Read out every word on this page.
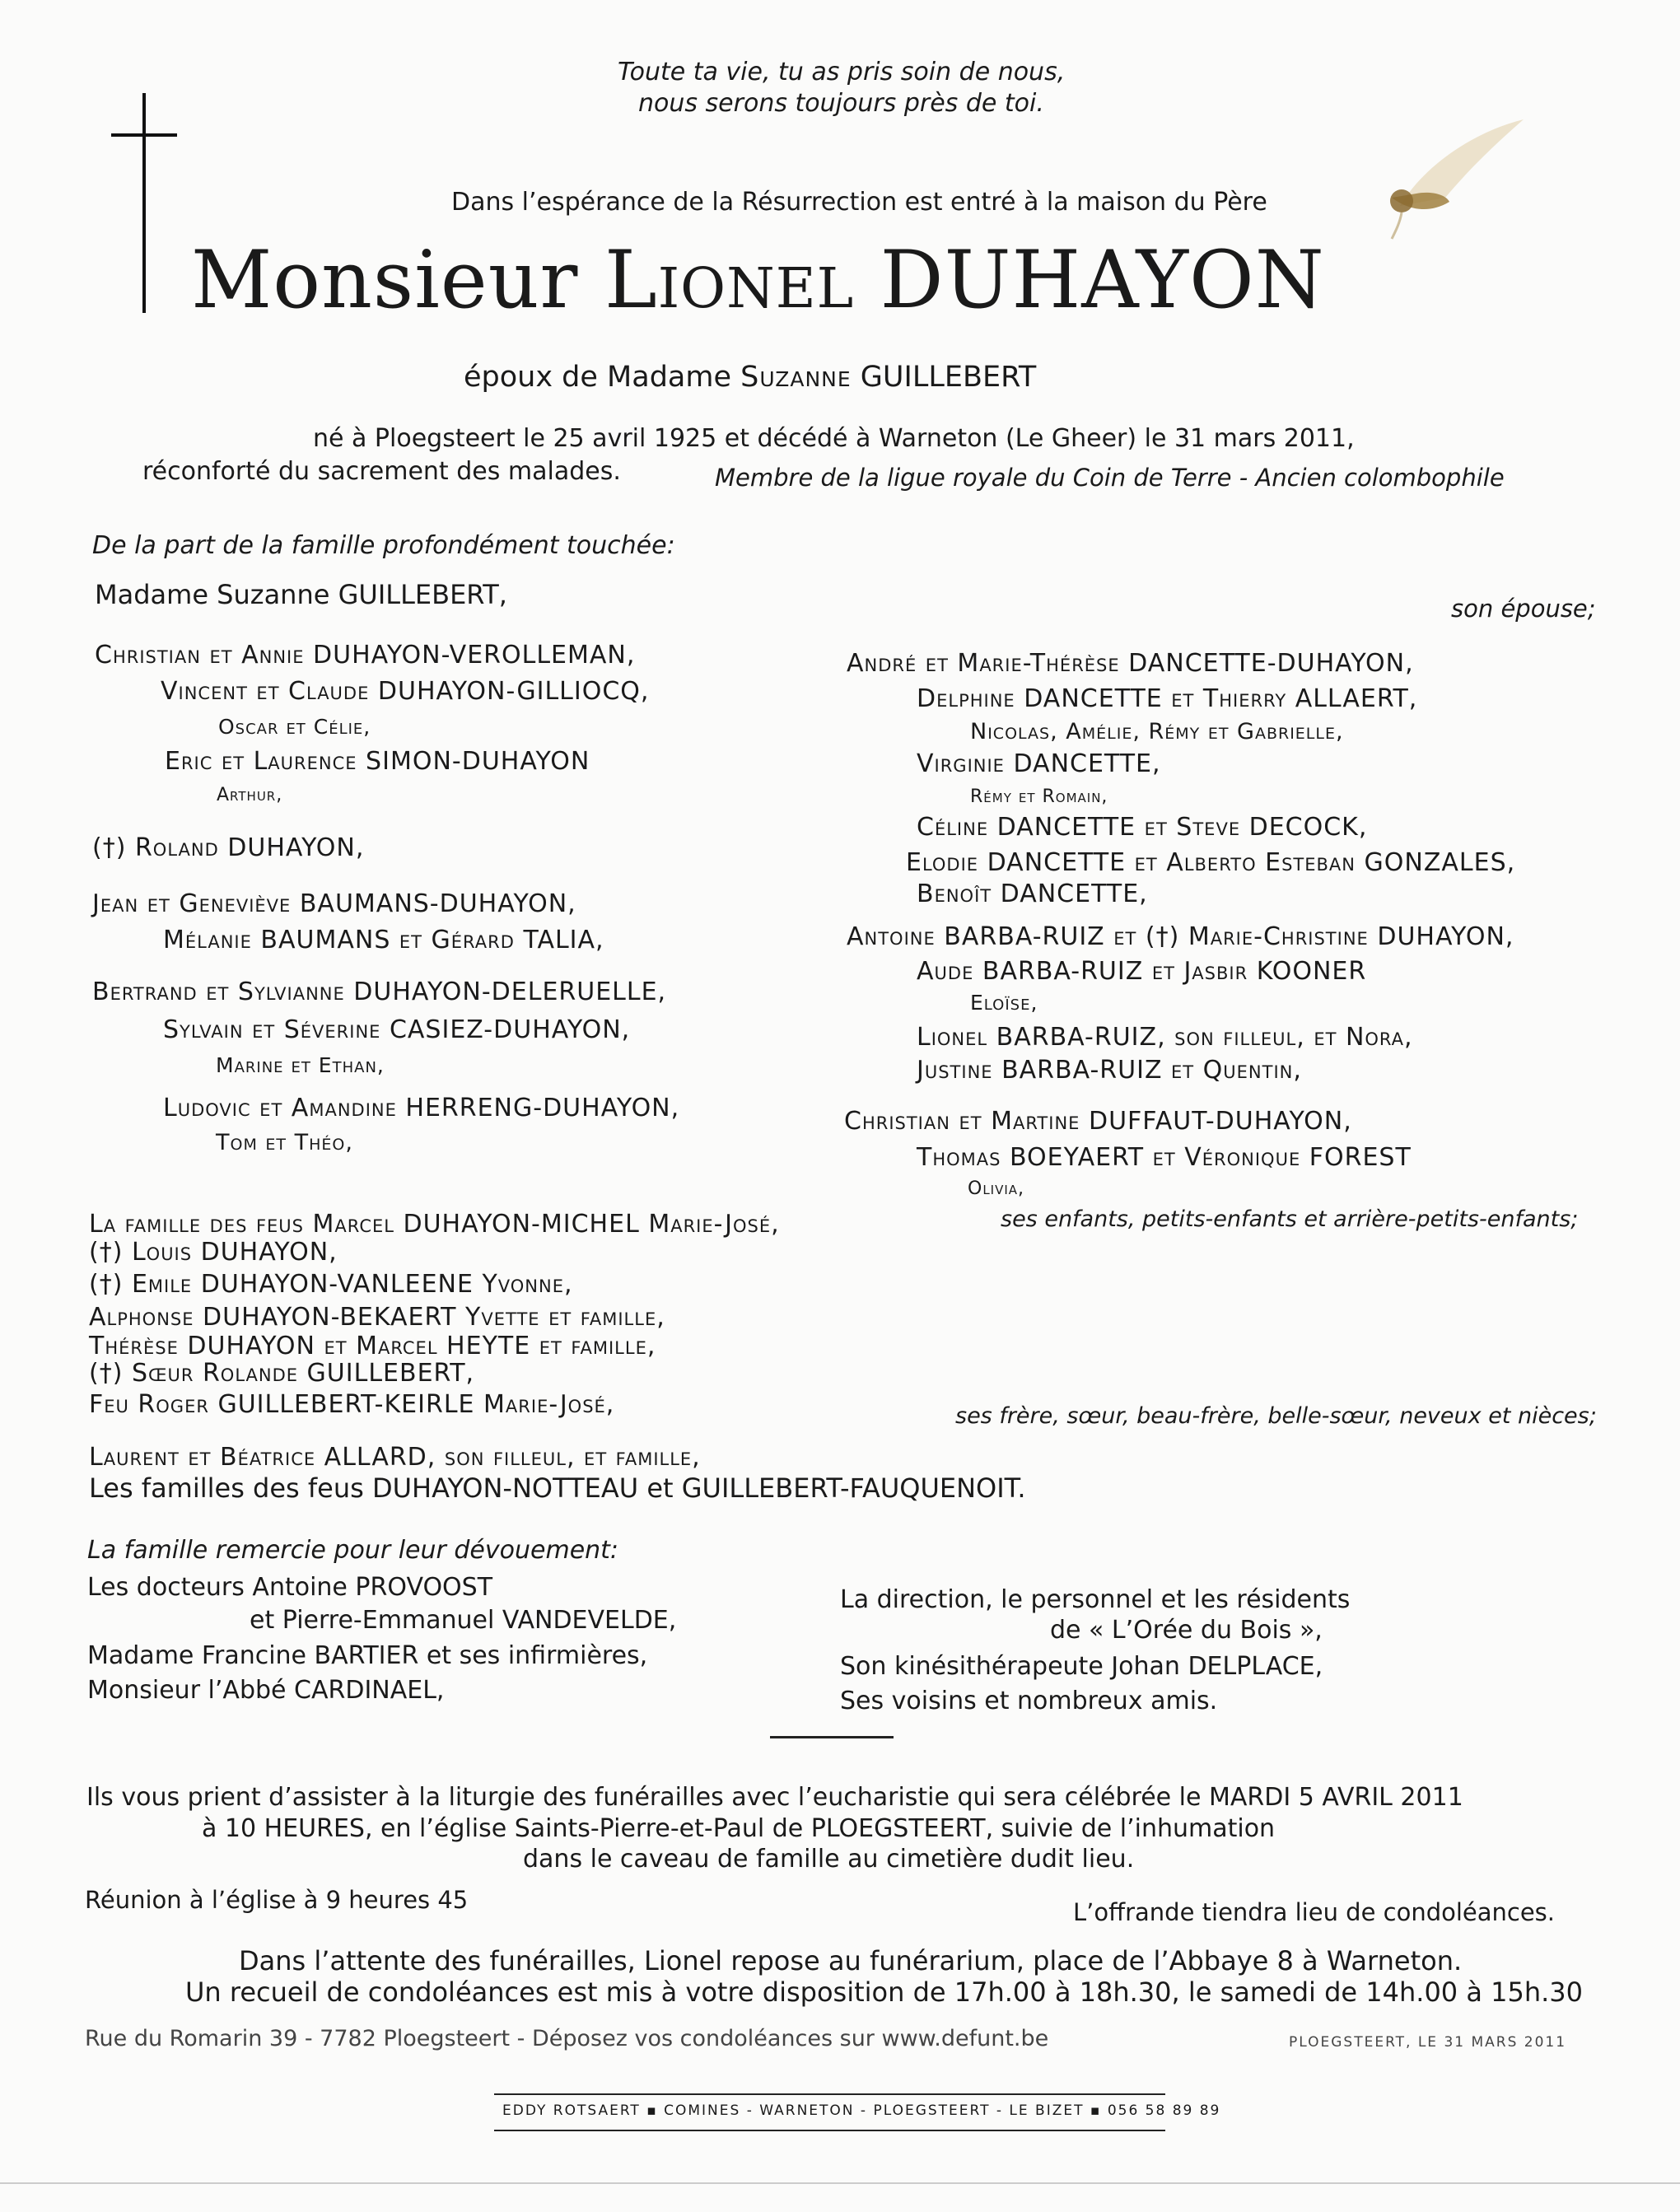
Toute ta vie, tu as pris soin de nous,
nous serons toujours près de toi.
Dans l’espérance de la Résurrection est entré à la maison du Père
Monsieur Lionel DUHAYON
époux de Madame Suzanne GUILLEBERT
né à Ploegsteert le 25 avril 1925 et décédé à Warneton (Le Gheer) le 31 mars 2011,
réconforté du sacrement des malades.	Membre de la ligue royale du Coin de Terre - Ancien colombophile
De la part de la famille profondément touchée:
Madame Suzanne GUILLEBERT,	son épouse;
Christian et Annie DUHAYON-VEROLLEMAN,
Vincent et Claude DUHAYON-GILLIOCQ,
Oscar et Célie,
Eric et Laurence SIMON-DUHAYON
Arthur,
(†) Roland DUHAYON,
Jean et Geneviève BAUMANS-DUHAYON,
Mélanie BAUMANS et Gérard TALIA,
Bertrand et Sylvianne DUHAYON-DELERUELLE,
Sylvain et Séverine CASIEZ-DUHAYON,
Marine et Ethan,
Ludovic et Amandine HERRENG-DUHAYON,
Tom et Théo,
André et Marie-Thérèse DANCETTE-DUHAYON,
Delphine DANCETTE et Thierry ALLAERT,
Nicolas, Amélie, Rémy et Gabrielle,
Virginie DANCETTE,
Rémy et Romain,
Céline DANCETTE et Steve DECOCK,
Elodie DANCETTE et Alberto Esteban GONZALES,
Benoît DANCETTE,
Antoine BARBA-RUIZ et (†) Marie-Christine DUHAYON,
Aude BARBA-RUIZ et Jasbir KOONER
Eloïse,
Lionel BARBA-RUIZ, son filleul, et Nora,
Justine BARBA-RUIZ et Quentin,
Christian et Martine DUFFAUT-DUHAYON,
Thomas BOEYAERT et Véronique FOREST
Olivia,
ses enfants, petits-enfants et arrière-petits-enfants;
La famille des feus Marcel DUHAYON-MICHEL Marie-José,
(†) Louis DUHAYON,
(†) Emile DUHAYON-VANLEENE Yvonne,
Alphonse DUHAYON-BEKAERT Yvette et famille,
Thérèse DUHAYON et Marcel HEYTE et famille,
(†) Sœur Rolande GUILLEBERT,
Feu Roger GUILLEBERT-KEIRLE Marie-José,	ses frère, sœur, beau-frère, belle-sœur, neveux et nièces;
Laurent et Béatrice ALLARD, son filleul, et famille,
Les familles des feus DUHAYON-NOTTEAU et GUILLEBERT-FAUQUENOIT.
La famille remercie pour leur dévouement:
Les docteurs Antoine PROVOOST
et Pierre-Emmanuel VANDEVELDE,
Madame Francine BARTIER et ses infirmières,
Monsieur l’Abbé CARDINAEL,
La direction, le personnel et les résidents
de « L’Orée du Bois »,
Son kinésithérapeute Johan DELPLACE,
Ses voisins et nombreux amis.
Ils vous prient d’assister à la liturgie des funérailles avec l’eucharistie qui sera célébrée le MARDI 5 AVRIL 2011
à 10 HEURES, en l’église Saints-Pierre-et-Paul de PLOEGSTEERT, suivie de l’inhumation
dans le caveau de famille au cimetière dudit lieu.
Réunion à l’église à 9 heures 45	L’offrande tiendra lieu de condoléances.
Dans l’attente des funérailles, Lionel repose au funérarium, place de l’Abbaye 8 à Warneton.
Un recueil de condoléances est mis à votre disposition de 17h.00 à 18h.30, le samedi de 14h.00 à 15h.30
Rue du Romarin 39 - 7782 Ploegsteert - Déposez vos condoléances sur www.defunt.be	PLOEGSTEERT, LE 31 MARS 2011
EDDY ROTSAERT ▪ COMINES - WARNETON - PLOEGSTEERT - LE BIZET ▪ 056 58 89 89
